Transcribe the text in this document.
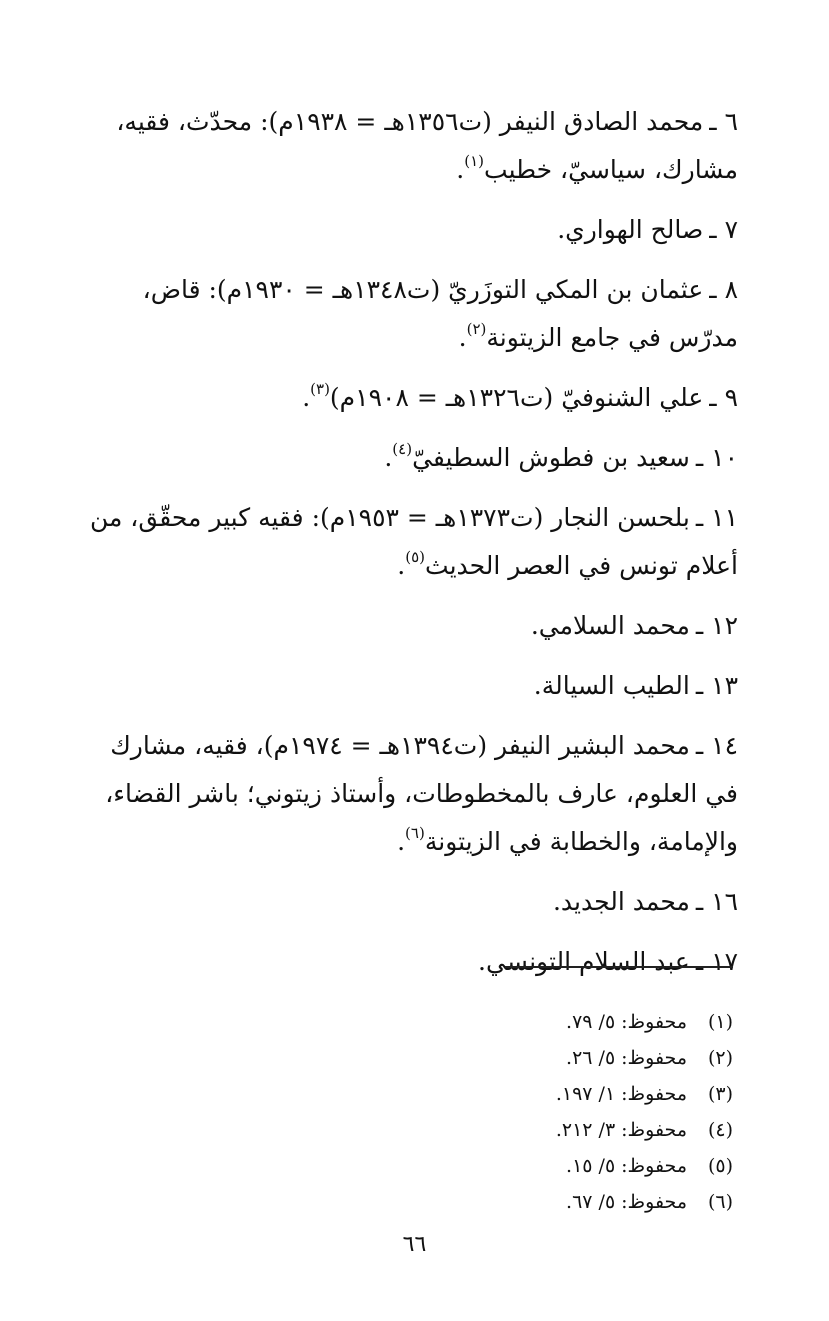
٦ ـمحمد الصادق النيفر (ت١٣٥٦هـ = ١٩٣٨م): محدّث، فقيه، مشارك، سياسيّ، خطيب$^{(١)}$.

٧ ـصالح الهواري.

٨ ـعثمان بن المكي التوزَريّ (ت١٣٤٨هـ = ١٩٣٠م): قاض، مدرّس في جامع الزيتونة$^{(٢)}$.

٩ ـعلي الشنوفيّ (ت١٣٢٦هـ = ١٩٠٨م)$^{(٣)}$.

١٠ ـسعيد بن فطوش السطيفيّ$^{(٤)}$.

١١ ـبلحسن النجار (ت١٣٧٣هـ = ١٩٥٣م): فقيه كبير محقّق، من أعلام تونس في العصر الحديث$^{(٥)}$.

١٢ ـمحمد السلامي.

١٣ ـالطيب السيالة.

١٤ ـمحمد البشير النيفر (ت١٣٩٤هـ = ١٩٧٤م)، فقيه، مشارك في العلوم، عارف بالمخطوطات، وأستاذ زيتوني؛ باشر القضاء، والإمامة، والخطابة في الزيتونة$^{(٦)}$.

١٦ ـمحمد الجديد.

١٧ ـعبد السلام التونسي.

(١)محفوظ:٥/ ٧٩.
(٢)محفوظ:٥/ ٢٦.
(٣)محفوظ:١/ ١٩٧.
(٤)محفوظ:٣/ ٢١٢.
(٥)محفوظ:٥/ ١٥.
(٦)محفوظ:٥/ ٦٧.
٦٦
